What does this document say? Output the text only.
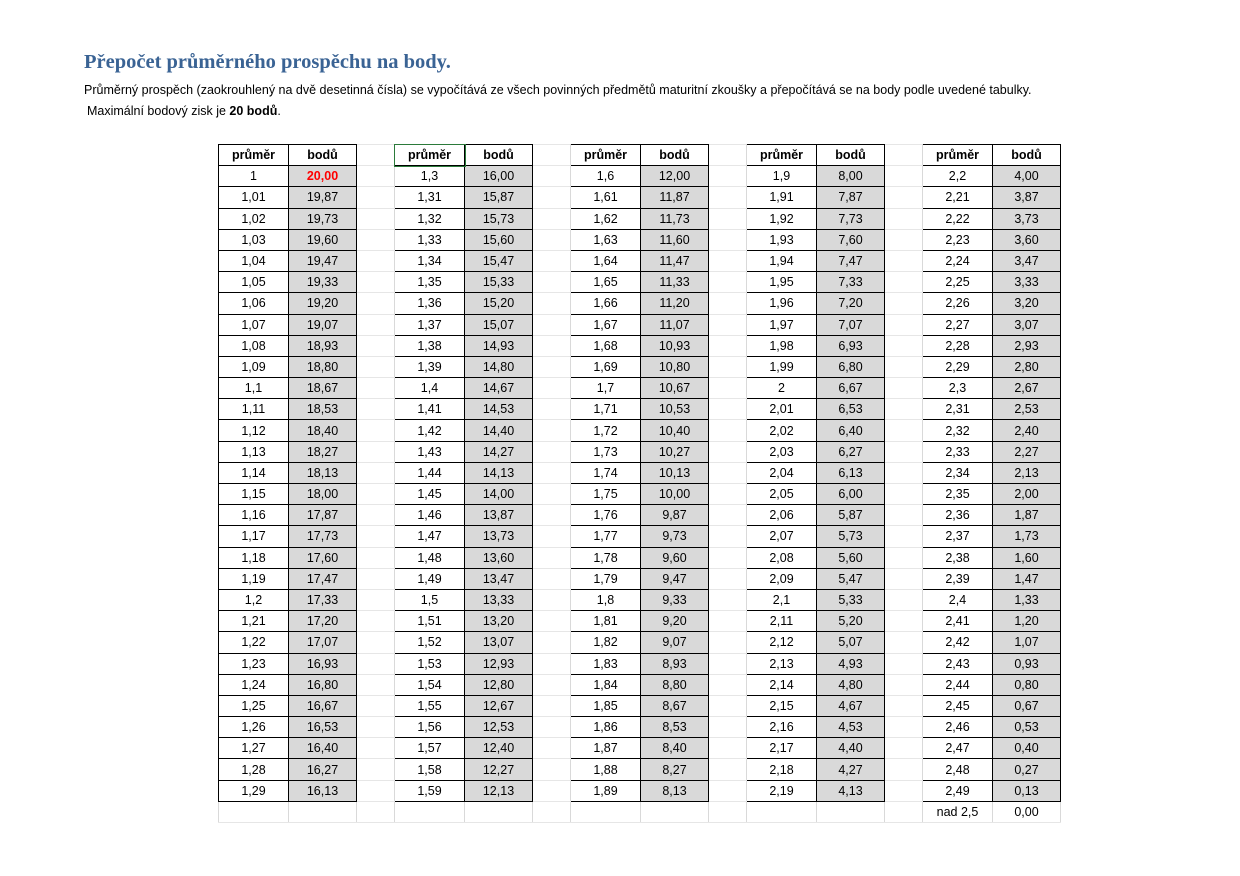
Přepočet průměrného prospěchu na body.
Průměrný prospěch (zaokrouhlený na dvě desetinná čísla) se vypočítává ze všech povinných předmětů maturitní zkoušky a přepočítává se na body podle uvedené tabulky.
Maximální bodový zisk je 20 bodů.
průměr	bodů		průměr	bodů		průměr	bodů		průměr	bodů		průměr	bodů
1	20,00		1,3	16,00		1,6	12,00		1,9	8,00		2,2	4,00
1,01	19,87		1,31	15,87		1,61	11,87		1,91	7,87		2,21	3,87
1,02	19,73		1,32	15,73		1,62	11,73		1,92	7,73		2,22	3,73
1,03	19,60		1,33	15,60		1,63	11,60		1,93	7,60		2,23	3,60
1,04	19,47		1,34	15,47		1,64	11,47		1,94	7,47		2,24	3,47
1,05	19,33		1,35	15,33		1,65	11,33		1,95	7,33		2,25	3,33
1,06	19,20		1,36	15,20		1,66	11,20		1,96	7,20		2,26	3,20
1,07	19,07		1,37	15,07		1,67	11,07		1,97	7,07		2,27	3,07
1,08	18,93		1,38	14,93		1,68	10,93		1,98	6,93		2,28	2,93
1,09	18,80		1,39	14,80		1,69	10,80		1,99	6,80		2,29	2,80
1,1	18,67		1,4	14,67		1,7	10,67		2	6,67		2,3	2,67
1,11	18,53		1,41	14,53		1,71	10,53		2,01	6,53		2,31	2,53
1,12	18,40		1,42	14,40		1,72	10,40		2,02	6,40		2,32	2,40
1,13	18,27		1,43	14,27		1,73	10,27		2,03	6,27		2,33	2,27
1,14	18,13		1,44	14,13		1,74	10,13		2,04	6,13		2,34	2,13
1,15	18,00		1,45	14,00		1,75	10,00		2,05	6,00		2,35	2,00
1,16	17,87		1,46	13,87		1,76	9,87		2,06	5,87		2,36	1,87
1,17	17,73		1,47	13,73		1,77	9,73		2,07	5,73		2,37	1,73
1,18	17,60		1,48	13,60		1,78	9,60		2,08	5,60		2,38	1,60
1,19	17,47		1,49	13,47		1,79	9,47		2,09	5,47		2,39	1,47
1,2	17,33		1,5	13,33		1,8	9,33		2,1	5,33		2,4	1,33
1,21	17,20		1,51	13,20		1,81	9,20		2,11	5,20		2,41	1,20
1,22	17,07		1,52	13,07		1,82	9,07		2,12	5,07		2,42	1,07
1,23	16,93		1,53	12,93		1,83	8,93		2,13	4,93		2,43	0,93
1,24	16,80		1,54	12,80		1,84	8,80		2,14	4,80		2,44	0,80
1,25	16,67		1,55	12,67		1,85	8,67		2,15	4,67		2,45	0,67
1,26	16,53		1,56	12,53		1,86	8,53		2,16	4,53		2,46	0,53
1,27	16,40		1,57	12,40		1,87	8,40		2,17	4,40		2,47	0,40
1,28	16,27		1,58	12,27		1,88	8,27		2,18	4,27		2,48	0,27
1,29	16,13		1,59	12,13		1,89	8,13		2,19	4,13		2,49	0,13
												nad 2,5	0,00
